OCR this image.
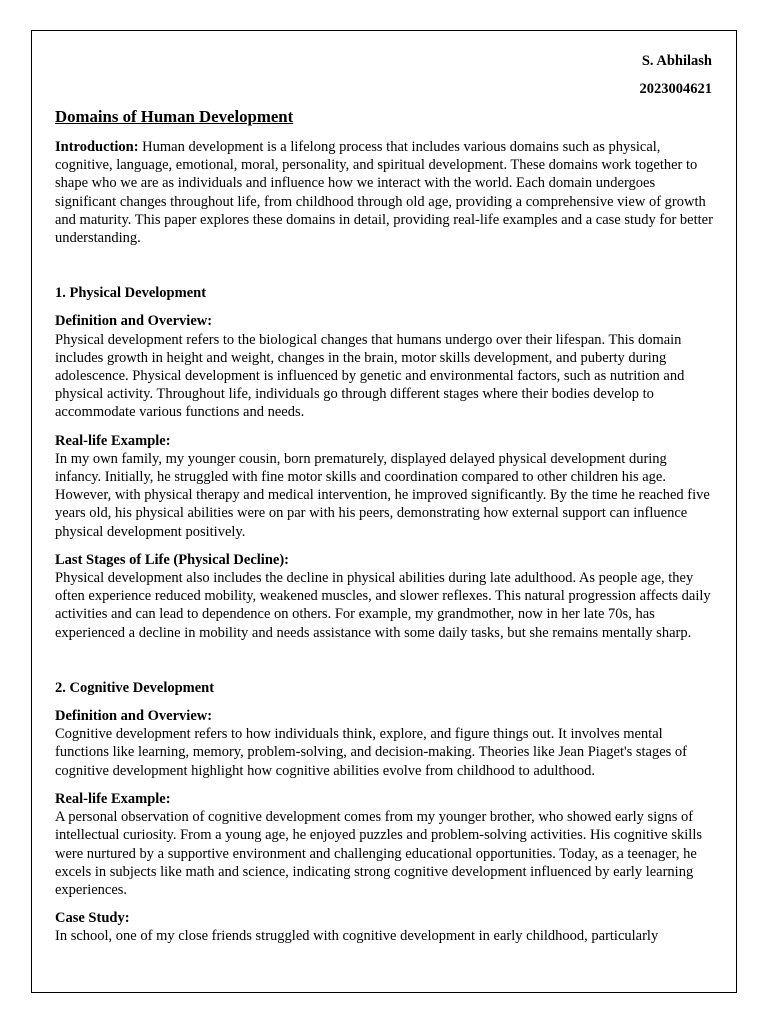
S. Abhilash
2023004621
Domains of Human Development

Introduction: Human development is a lifelong process that includes various domains such as physical, cognitive, language, emotional, moral, personality, and spiritual development. These domains work together to shape who we are as individuals and influence how we interact with the world. Each domain undergoes significant changes throughout life, from childhood through old age, providing a comprehensive view of growth and maturity. This paper explores these domains in detail, providing real-life examples and a case study for better understanding.

1. Physical Development
Definition and Overview:
Physical development refers to the biological changes that humans undergo over their lifespan. This domain includes growth in height and weight, changes in the brain, motor skills development, and puberty during adolescence. Physical development is influenced by genetic and environmental factors, such as nutrition and physical activity. Throughout life, individuals go through different stages where their bodies develop to accommodate various functions and needs.
Real-life Example:
In my own family, my younger cousin, born prematurely, displayed delayed physical development during infancy. Initially, he struggled with fine motor skills and coordination compared to other children his age. However, with physical therapy and medical intervention, he improved significantly. By the time he reached five years old, his physical abilities were on par with his peers, demonstrating how external support can influence physical development positively.
Last Stages of Life (Physical Decline):
Physical development also includes the decline in physical abilities during late adulthood. As people age, they often experience reduced mobility, weakened muscles, and slower reflexes. This natural progression affects daily activities and can lead to dependence on others. For example, my grandmother, now in her late 70s, has experienced a decline in mobility and needs assistance with some daily tasks, but she remains mentally sharp.
2. Cognitive Development
Definition and Overview:
Cognitive development refers to how individuals think, explore, and figure things out. It involves mental functions like learning, memory, problem-solving, and decision-making. Theories like Jean Piaget's stages of cognitive development highlight how cognitive abilities evolve from childhood to adulthood.
Real-life Example:
A personal observation of cognitive development comes from my younger brother, who showed early signs of intellectual curiosity. From a young age, he enjoyed puzzles and problem-solving activities. His cognitive skills were nurtured by a supportive environment and challenging educational opportunities. Today, as a teenager, he excels in subjects like math and science, indicating strong cognitive development influenced by early learning experiences.
Case Study:
In school, one of my close friends struggled with cognitive development in early childhood, particularly
